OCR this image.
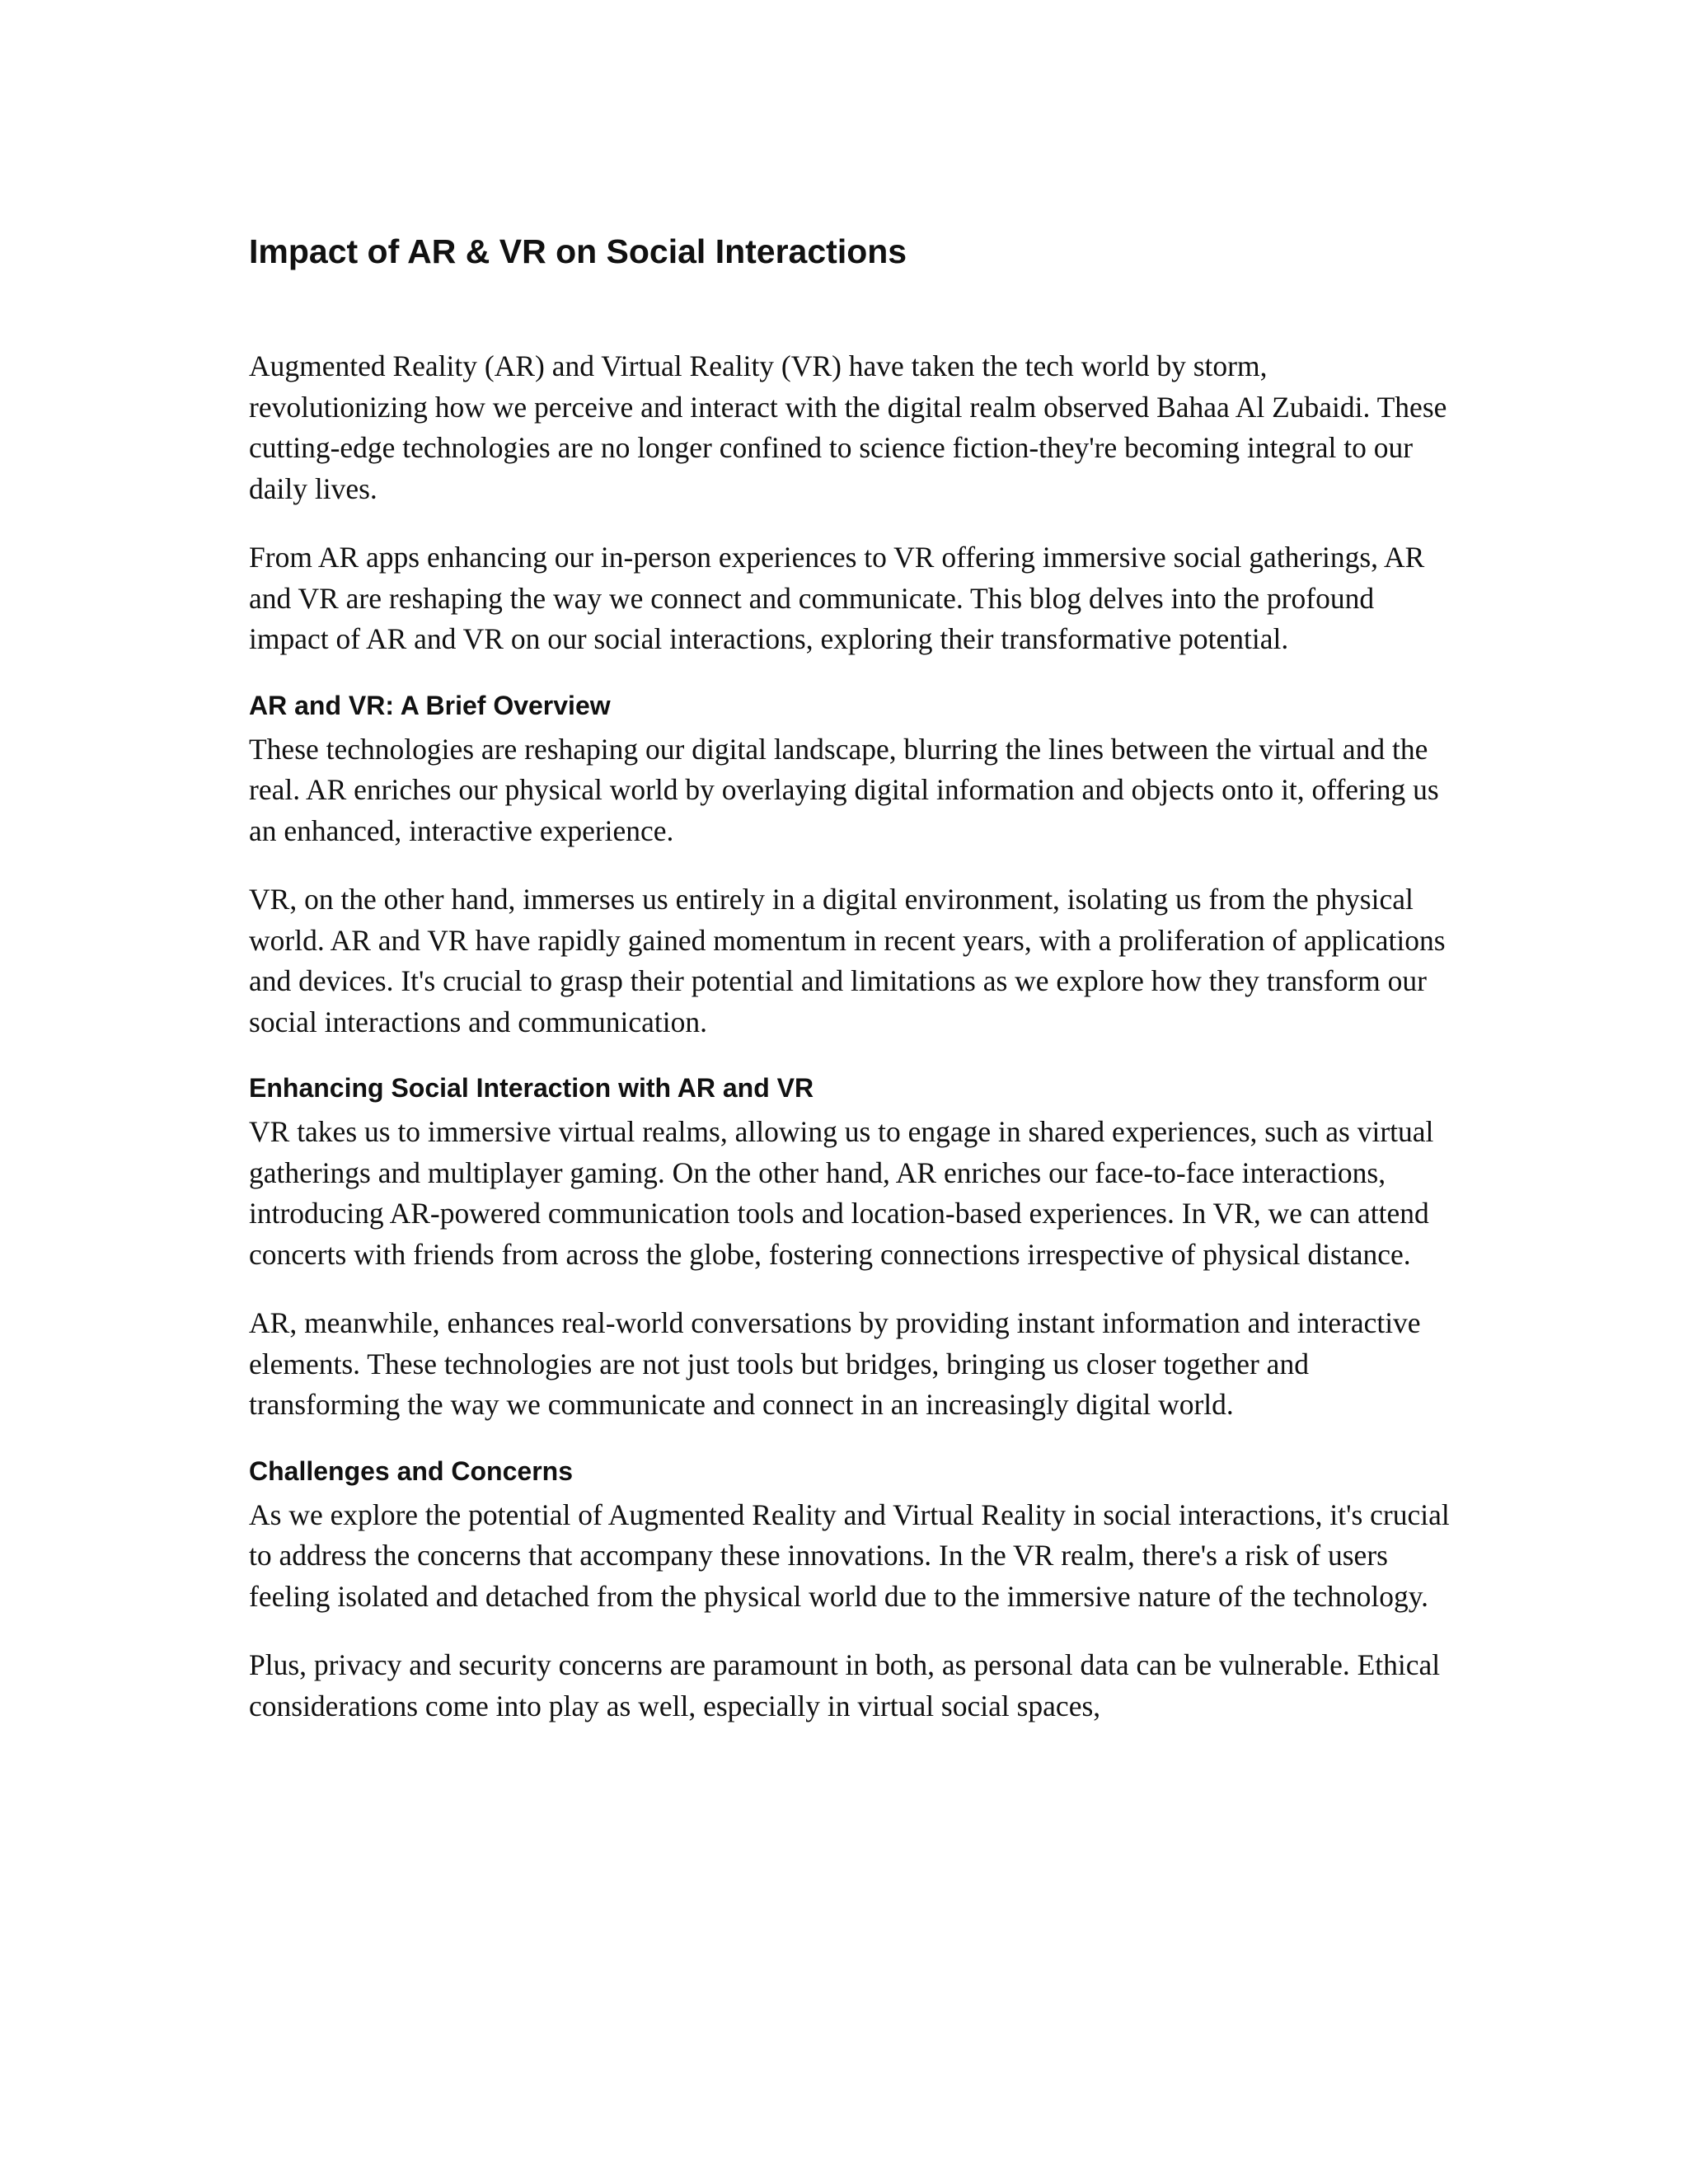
Impact of AR & VR on Social Interactions

Augmented Reality (AR) and Virtual Reality (VR) have taken the tech world by storm, revolutionizing how we perceive and interact with the digital realm observed Bahaa Al Zubaidi. These cutting-edge technologies are no longer confined to science fiction-they're becoming integral to our daily lives.

From AR apps enhancing our in-person experiences to VR offering immersive social gatherings, AR and VR are reshaping the way we connect and communicate. This blog delves into the profound impact of AR and VR on our social interactions, exploring their transformative potential.

AR and VR: A Brief Overview

These technologies are reshaping our digital landscape, blurring the lines between the virtual and the real. AR enriches our physical world by overlaying digital information and objects onto it, offering us an enhanced, interactive experience.

VR, on the other hand, immerses us entirely in a digital environment, isolating us from the physical world. AR and VR have rapidly gained momentum in recent years, with a proliferation of applications and devices. It's crucial to grasp their potential and limitations as we explore how they transform our social interactions and communication.

Enhancing Social Interaction with AR and VR

VR takes us to immersive virtual realms, allowing us to engage in shared experiences, such as virtual gatherings and multiplayer gaming. On the other hand, AR enriches our face-to-face interactions, introducing AR-powered communication tools and location-based experiences. In VR, we can attend concerts with friends from across the globe, fostering connections irrespective of physical distance.

AR, meanwhile, enhances real-world conversations by providing instant information and interactive elements. These technologies are not just tools but bridges, bringing us closer together and transforming the way we communicate and connect in an increasingly digital world.

Challenges and Concerns

As we explore the potential of Augmented Reality and Virtual Reality in social interactions, it's crucial to address the concerns that accompany these innovations. In the VR realm, there's a risk of users feeling isolated and detached from the physical world due to the immersive nature of the technology.

Plus, privacy and security concerns are paramount in both, as personal data can be vulnerable. Ethical considerations come into play as well, especially in virtual social spaces,
